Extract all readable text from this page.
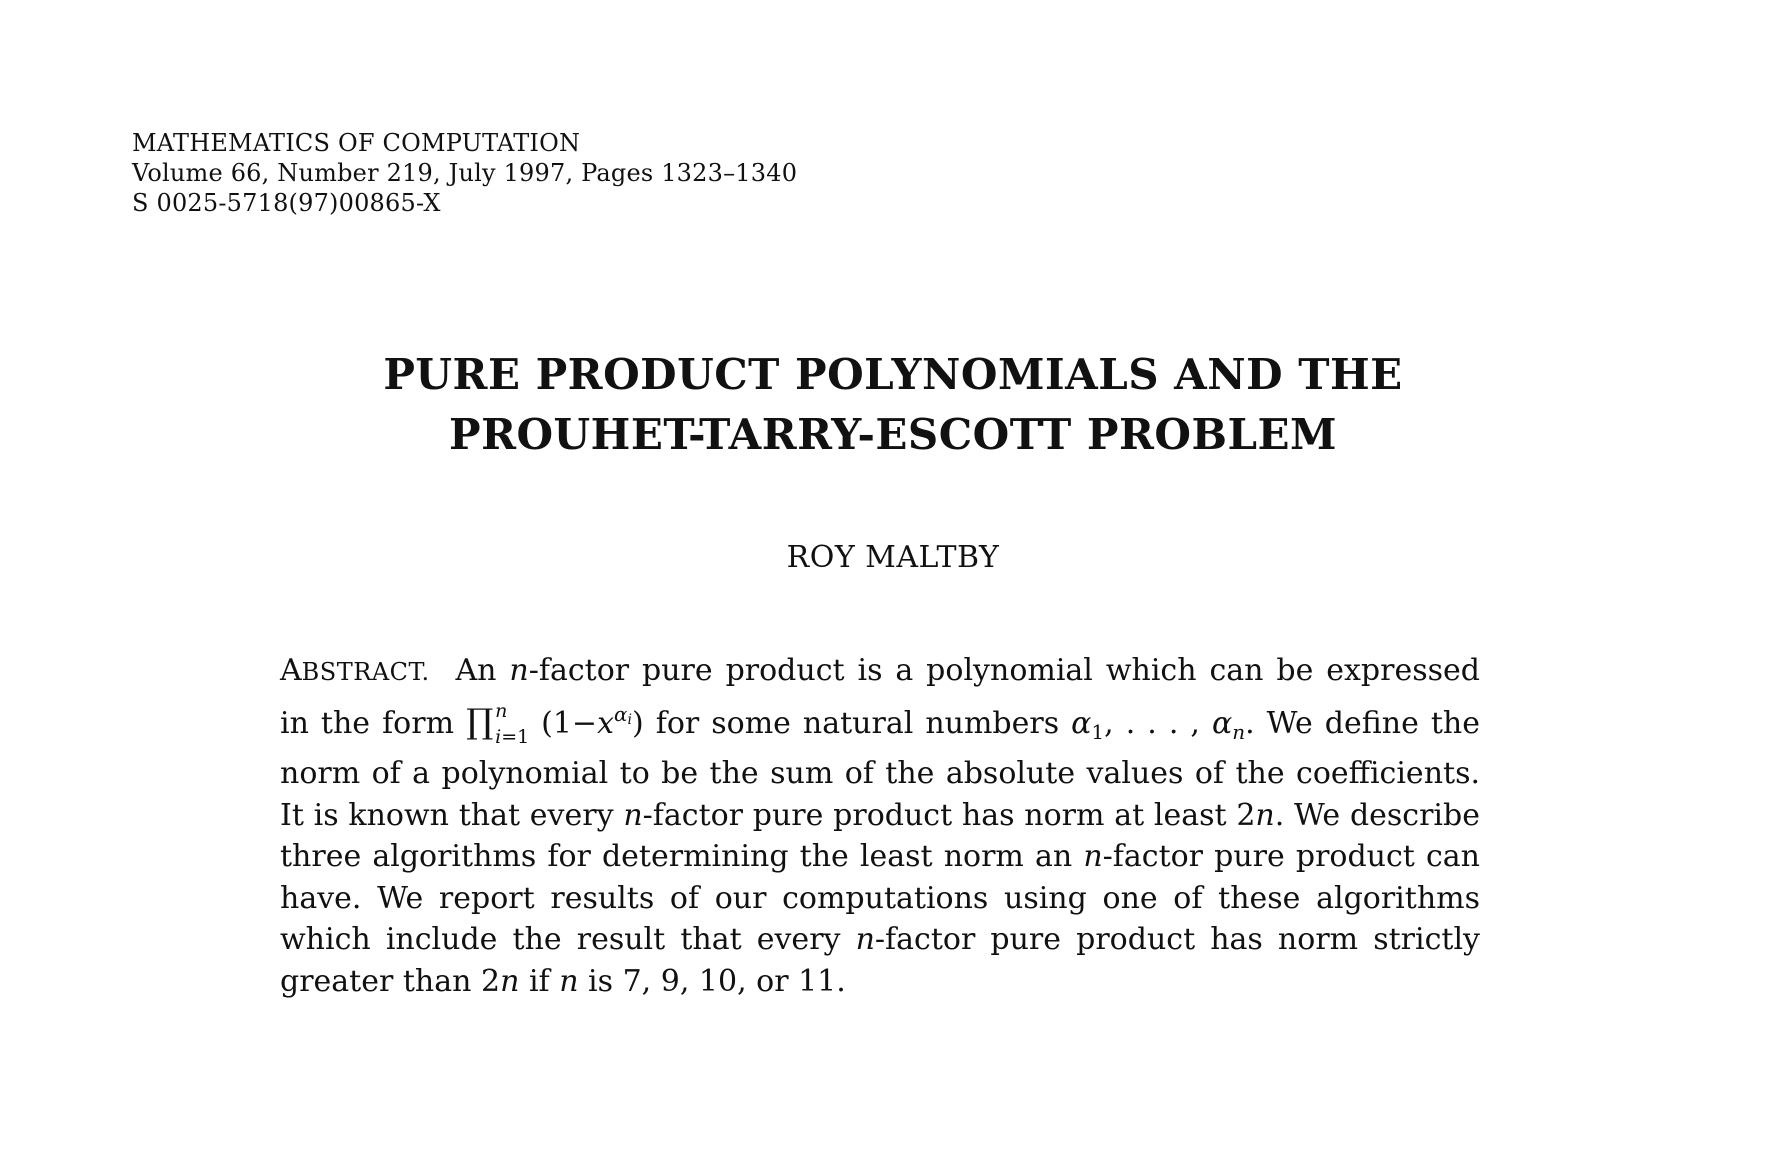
MATHEMATICS OF COMPUTATION
Volume 66, Number 219, July 1997, Pages 1323–1340
S 0025-5718(97)00865-X
PURE PRODUCT POLYNOMIALS AND THE
PROUHET-TARRY-ESCOTT PROBLEM
ROY MALTBY
ABSTRACT. An n-factor pure product is a polynomial which can be expressed
in the form ∏ n
i=1 $(1-x^{\alpha_i})$ for some natural numbers $\alpha_1$, . . . , $\alpha_n$. We define the
norm of a polynomial to be the sum of the absolute values of the coefficients.
It is known that every n-factor pure product has norm at least 2n. We describe
three algorithms for determining the least norm an n-factor pure product can
have. We report results of our computations using one of these algorithms
which include the result that every n-factor pure product has norm strictly
greater than 2n if n is 7, 9, 10, or 11.
